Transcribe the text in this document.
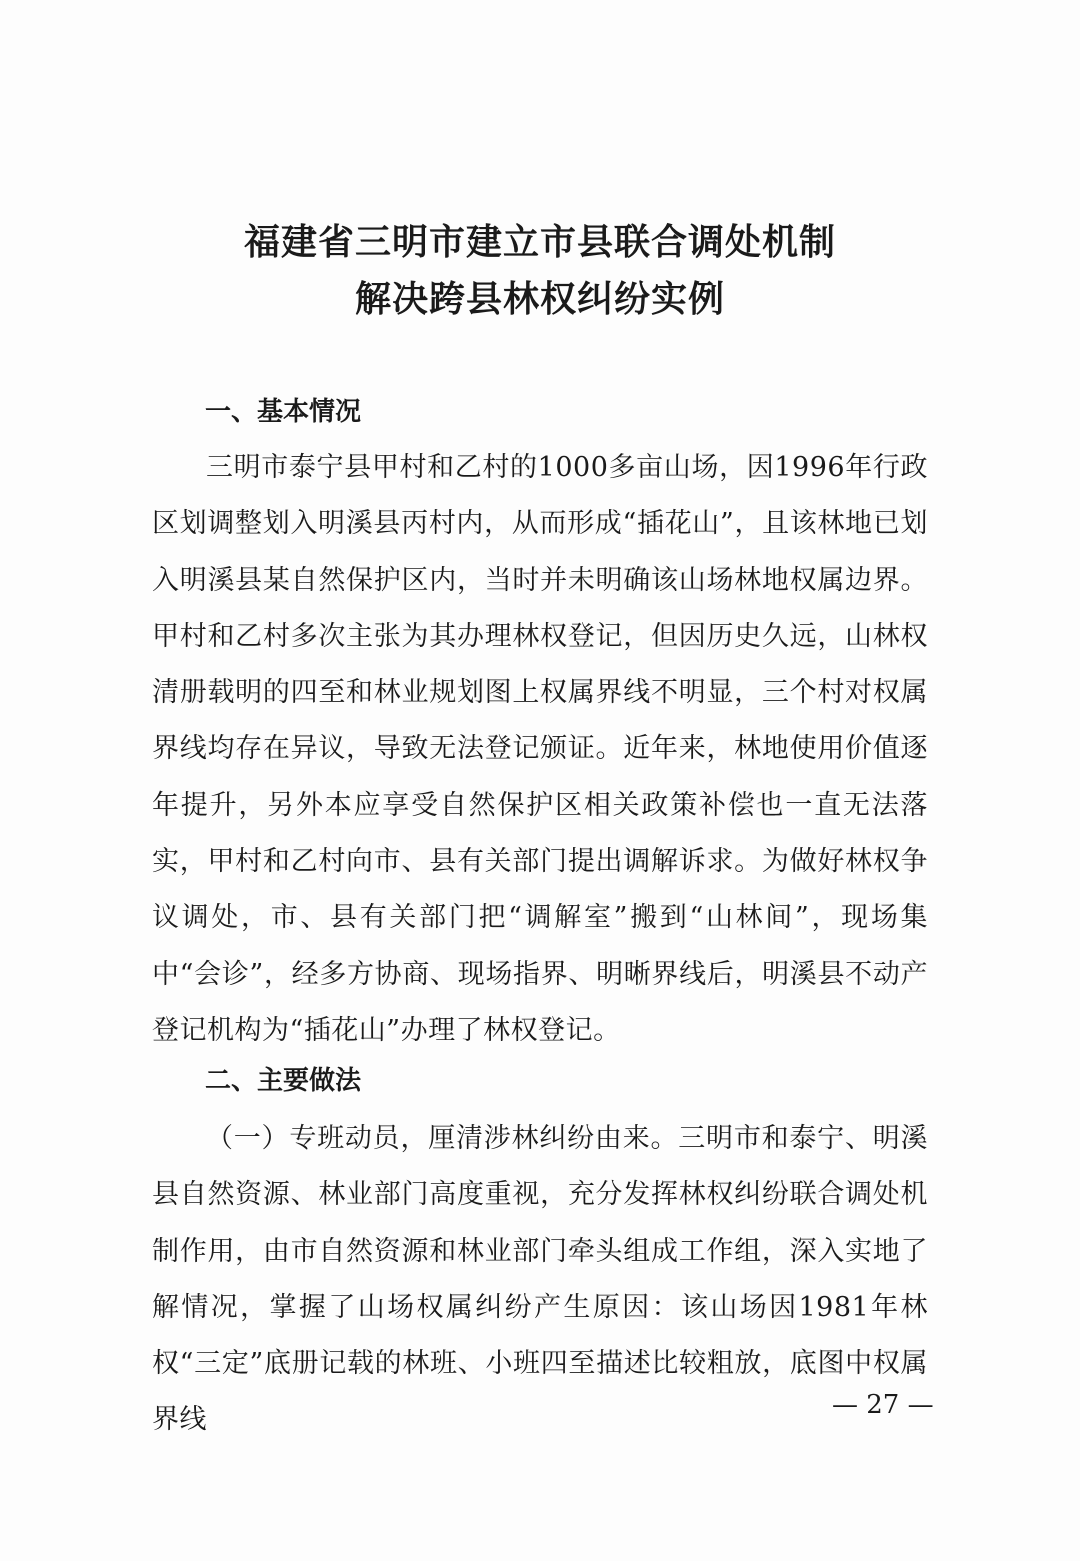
福建省三明市建立市县联合调处机制
解决跨县林权纠纷实例
一、基本情况

三明市泰宁县甲村和乙村的1000多亩山场，因1996年行政区划调整划入明溪县丙村内，从而形成“插花山”，且该林地已划入明溪县某自然保护区内，当时并未明确该山场林地权属边界。甲村和乙村多次主张为其办理林权登记，但因历史久远，山林权清册载明的四至和林业规划图上权属界线不明显，三个村对权属界线均存在异议，导致无法登记颁证。近年来，林地使用价值逐年提升，另外本应享受自然保护区相关政策补偿也一直无法落实，甲村和乙村向市、县有关部门提出调解诉求。为做好林权争议调处，市、县有关部门把“调解室”搬到“山林间”，现场集中“会诊”，经多方协商、现场指界、明晰界线后，明溪县不动产登记机构为“插花山”办理了林权登记。

二、主要做法

（一）专班动员，厘清涉林纠纷由来。三明市和泰宁、明溪县自然资源、林业部门高度重视，充分发挥林权纠纷联合调处机制作用，由市自然资源和林业部门牵头组成工作组，深入实地了解情况，掌握了山场权属纠纷产生原因：该山场因1981年林权“三定”底册记载的林班、小班四至描述比较粗放，底图中权属界线	— 27 —
